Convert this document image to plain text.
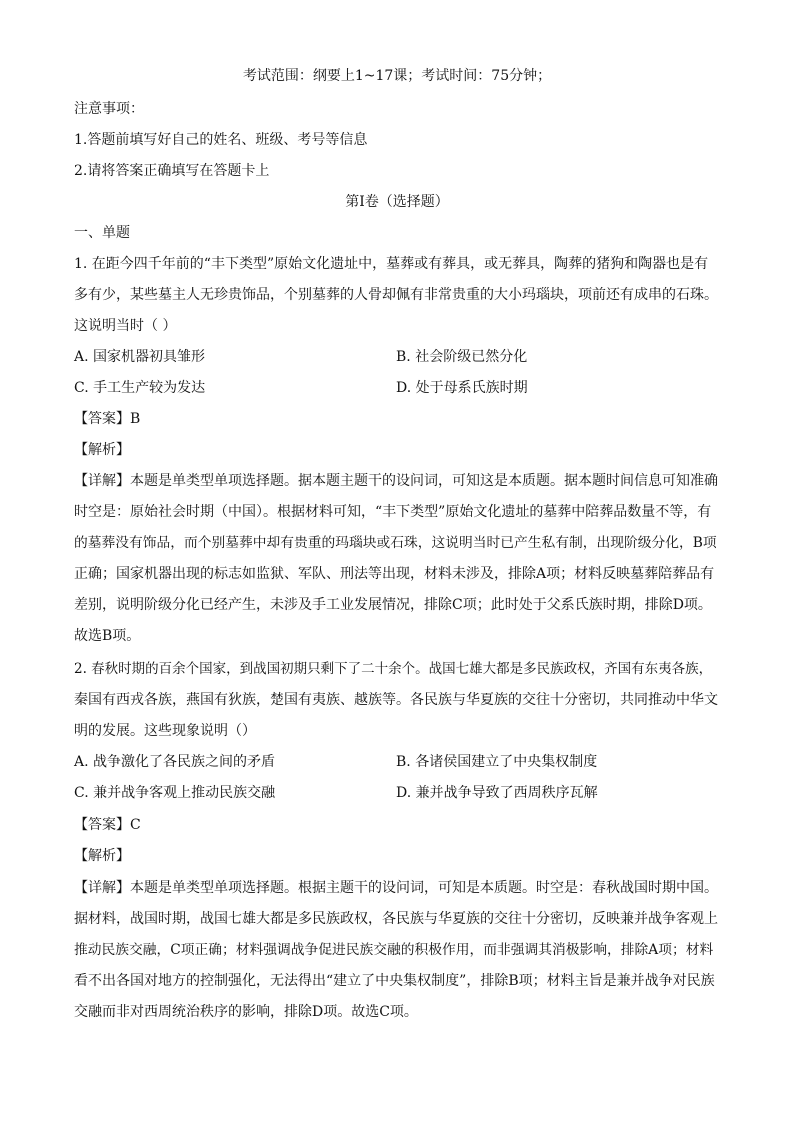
考试范围：纲要上1~17课；考试时间：75分钟；
注意事项：
1.答题前填写好自己的姓名、班级、考号等信息
2.请将答案正确填写在答题卡上
第I卷（选择题）
一、单题
1. 在距今四千年前的“丰下类型”原始文化遗址中，墓葬或有葬具，或无葬具，陶葬的猪狗和陶器也是有
多有少，某些墓主人无珍贵饰品，个别墓葬的人骨却佩有非常贵重的大小玛瑙块，项前还有成串的石珠。
这说明当时（ ）
A. 国家机器初具雏形	B. 社会阶级已然分化
C. 手工生产较为发达	D. 处于母系氏族时期
【答案】B
【解析】
【详解】本题是单类型单项选择题。据本题主题干的设问词，可知这是本质题。据本题时间信息可知准确
时空是：原始社会时期（中国）。根据材料可知，“丰下类型”原始文化遗址的墓葬中陪葬品数量不等，有
的墓葬没有饰品，而个别墓葬中却有贵重的玛瑙块或石珠，这说明当时已产生私有制，出现阶级分化，B项
正确；国家机器出现的标志如监狱、军队、刑法等出现，材料未涉及，排除A项；材料反映墓葬陪葬品有
差别，说明阶级分化已经产生，未涉及手工业发展情况，排除C项；此时处于父系氏族时期，排除D项。
故选B项。
2. 春秋时期的百余个国家，到战国初期只剩下了二十余个。战国七雄大都是多民族政权，齐国有东夷各族，
秦国有西戎各族，燕国有狄族，楚国有夷族、越族等。各民族与华夏族的交往十分密切，共同推动中华文
明的发展。这些现象说明（）
A. 战争激化了各民族之间的矛盾	B. 各诸侯国建立了中央集权制度
C. 兼并战争客观上推动民族交融	D. 兼并战争导致了西周秩序瓦解
【答案】C
【解析】
【详解】本题是单类型单项选择题。根据主题干的设问词，可知是本质题。时空是：春秋战国时期中国。
据材料，战国时期，战国七雄大都是多民族政权，各民族与华夏族的交往十分密切，反映兼并战争客观上
推动民族交融，C项正确；材料强调战争促进民族交融的积极作用，而非强调其消极影响，排除A项；材料
看不出各国对地方的控制强化，无法得出“建立了中央集权制度”，排除B项；材料主旨是兼并战争对民族
交融而非对西周统治秩序的影响，排除D项。故选C项。
